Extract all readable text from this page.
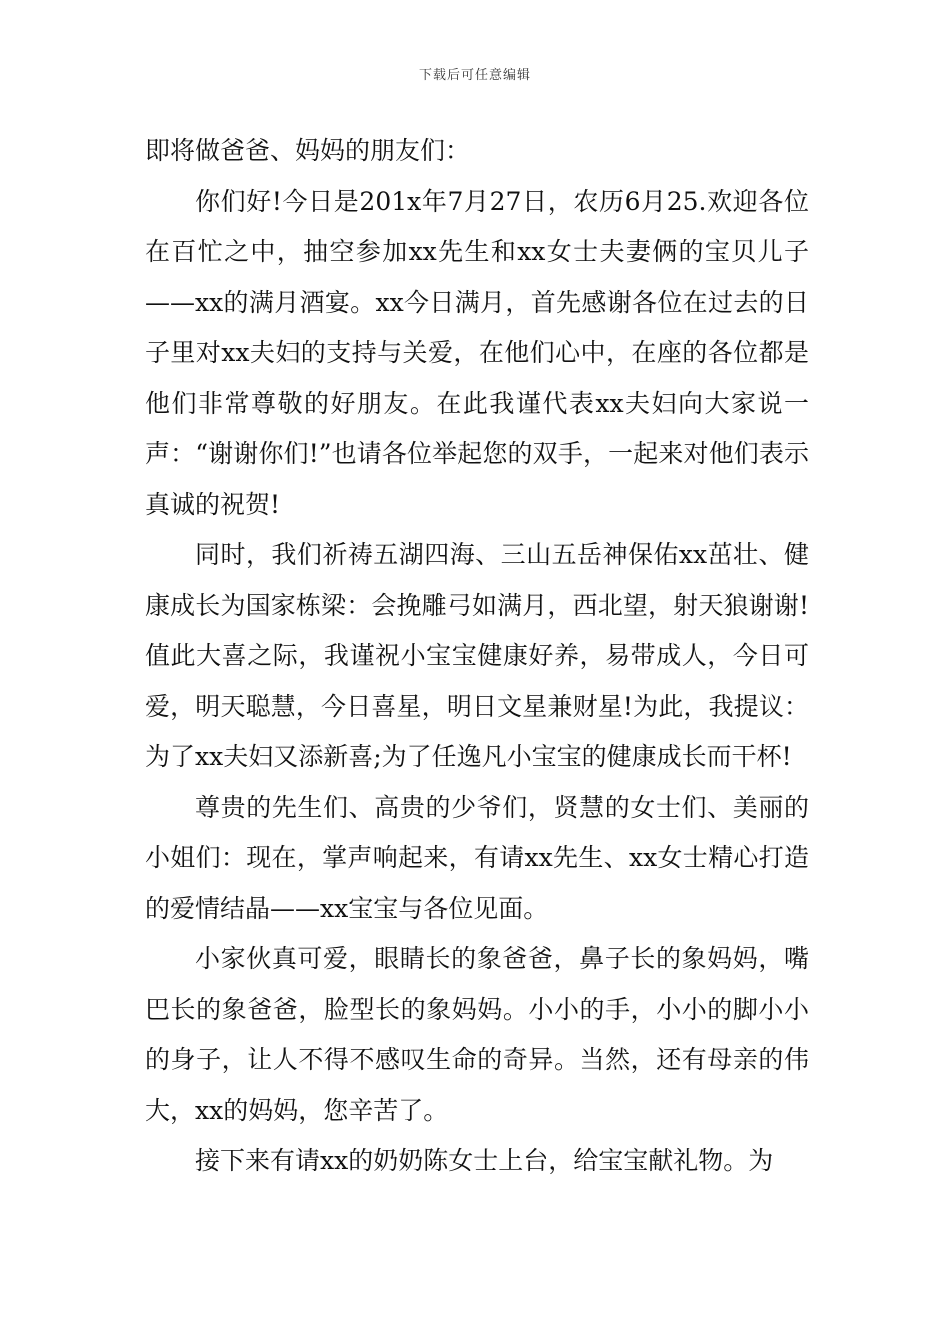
下载后可任意编辑

即将做爸爸、妈妈的朋友们：

你们好!今日是201x年7月27日，农历6月25.欢迎各位在百忙之中，抽空参加xx先生和xx女士夫妻俩的宝贝儿子——xx的满月酒宴。xx今日满月，首先感谢各位在过去的日子里对xx夫妇的支持与关爱，在他们心中，在座的各位都是他们非常尊敬的好朋友。在此我谨代表xx夫妇向大家说一声：“谢谢你们!”也请各位举起您的双手，一起来对他们表示真诚的祝贺!

同时，我们祈祷五湖四海、三山五岳神保佑xx茁壮、健康成长为国家栋梁：会挽雕弓如满月，西北望，射天狼谢谢!值此大喜之际，我谨祝小宝宝健康好养，易带成人，今日可爱，明天聪慧，今日喜星，明日文星兼财星!为此，我提议：为了xx夫妇又添新喜;为了任逸凡小宝宝的健康成长而干杯!

尊贵的先生们、高贵的少爷们，贤慧的女士们、美丽的小姐们：现在，掌声响起来，有请xx先生、xx女士精心打造的爱情结晶——xx宝宝与各位见面。

小家伙真可爱，眼睛长的象爸爸，鼻子长的象妈妈，嘴巴长的象爸爸，脸型长的象妈妈。小小的手，小小的脚小小的身子，让人不得不感叹生命的奇异。当然，还有母亲的伟大，xx的妈妈，您辛苦了。

接下来有请xx的奶奶陈女士上台，给宝宝献礼物。为
